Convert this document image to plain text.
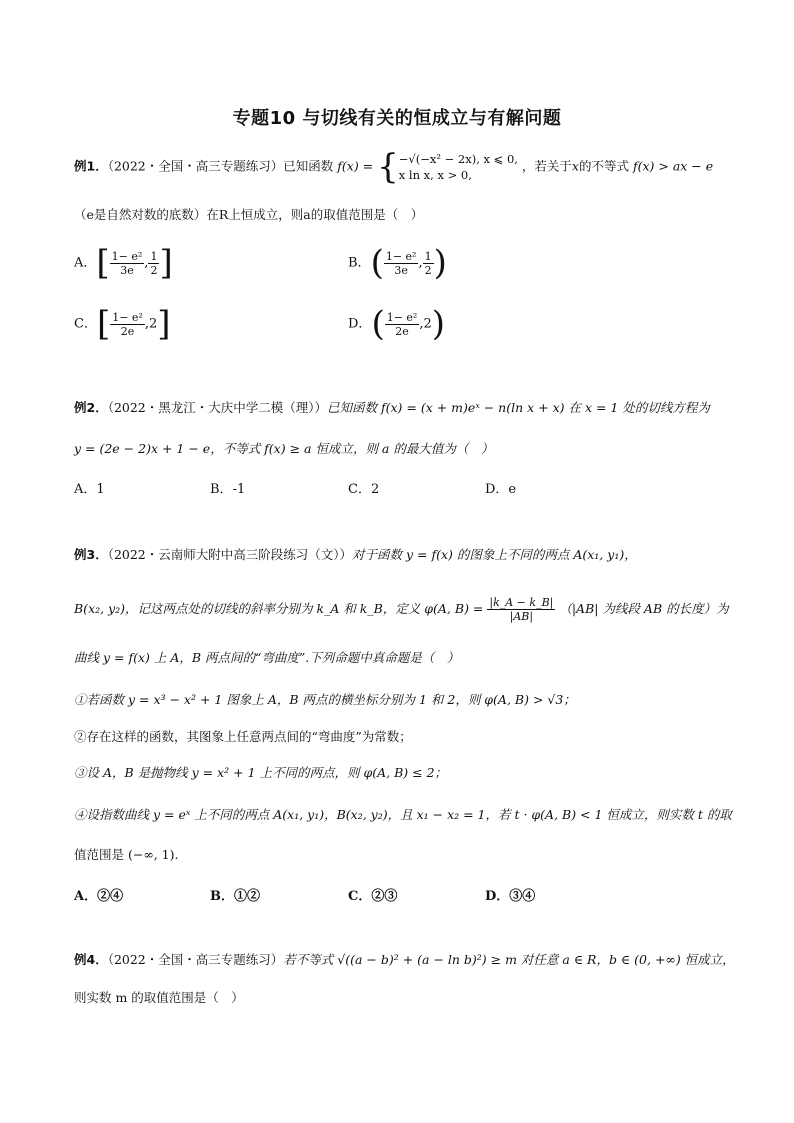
专题10 与切线有关的恒成立与有解问题
例1．（2022・全国・高三专题练习）已知函数 f(x) = { −√(−x² − 2x), x ⩽ 0,
x ln x, x > 0,
，若关于x的不等式 f(x) > ax − e
（e是自然对数的底数）在R上恒成立，则a的取值范围是（　）
A．[ $\frac{\text{1− e²}}{3e}$ , $\frac{1}{2}$ ]	B．( $\frac{\text{1− e²}}{3e}$ , $\frac{1}{2}$ )
C．[ $\frac{\text{1− e²}}{2e} ,2$]	D．( $\frac{\text{1− e²}}{2e} ,2$)
例2．（2022・黑龙江・大庆中学二模（理））已知函数 f(x) = (x + m)eˣ − n(ln x + x) 在 x = 1 处的切线方程为
y = (2e − 2)x + 1 − e，不等式 f(x) ≥ a 恒成立，则 a 的最大值为（　）
A．1	B．-1	C．2	D．e
例3．（2022・云南师大附中高三阶段练习（文））对于函数 y = f(x) 的图象上不同的两点 A(x₁, y₁)，
B(x₂, y₂)，记这两点处的切线的斜率分别为 k_A 和 k_B，定义 φ(A, $B) = \frac{|k\_A - k\_B|}{|AB|} (|AB|$ 为线段 AB 的长度）为
曲线 y = f(x) 上 A，B 两点间的“弯曲度”.下列命题中真命题是（　）
①若函数 y = x³ − x² + 1 图象上 A，B 两点的横坐标分别为 1 和 2，则 φ(A, B) > √3；
②存在这样的函数，其图象上任意两点间的“弯曲度”为常数；
③设 A，B 是抛物线 y = x² + 1 上不同的两点，则 φ(A, B) ≤ 2；
④设指数曲线 y = eˣ 上不同的两点 A(x₁, y₁)，B(x₂, y₂)，且 x₁ − x₂ = 1，若 t · φ(A, B) < 1 恒成立，则实数 t 的取
值范围是 (−∞, 1).
A．②④	B．①②	C．②③	D．③④
例4．（2022・全国・高三专题练习）若不等式 √((a − b)² + (a − ln b)²) ≥ m 对任意 a ∈ R，b ∈ (0, +∞) 恒成立，
则实数 m 的取值范围是（　）
